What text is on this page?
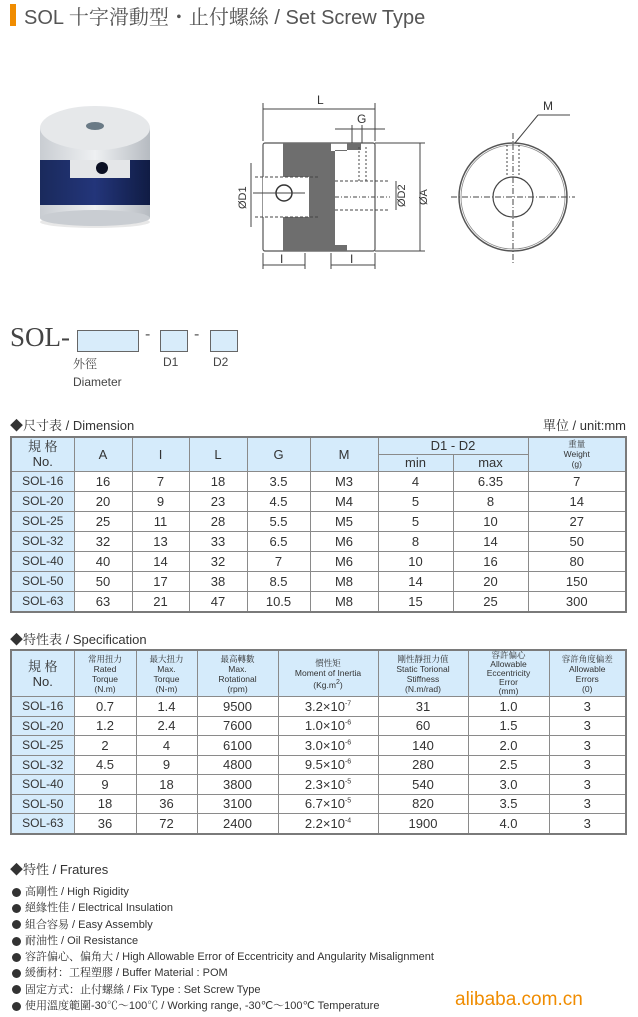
SOL 十字滑動型・止付螺絲 / Set Screw Type
L
G
ØA
ØD2
ØD1
I	I
M
SOL-	-	-
外徑
Diameter
D1	D2
◆尺寸表 / Dimension	單位 / unit:mm
規 格
No.	A	I	L	G	M	D1 - D2		重量
Weight
(g)
						min	max	
SOL-16	16	7	18	3.5	M3	4	6.35	7
SOL-20	20	9	23	4.5	M4	5	8	14
SOL-25	25	11	28	5.5	M5	5	10	27
SOL-32	32	13	33	6.5	M6	8	14	50
SOL-40	40	14	32	7	M6	10	16	80
SOL-50	50	17	38	8.5	M8	14	20	150
SOL-63	63	21	47	10.5	M8	15	25	300
◆特性表 / Specification
規 格
No.	常用扭力
Rated
Torque
(N.m)	最大扭力
Max.
Torque
(N-m)	最高轉數
Max.
Rotational
(rpm)	慣性矩
Moment of Inertia
$(Kg.m^2)$	剛性靜扭力值
Static Torional
Stiffness
(N.m/rad)	容許偏心
Allowable
Eccentricity
Error
(mm)	容許角度偏差
Allowable
Errors
(0)
SOL-16	0.7	1.4	9500	$3.2\times 10^{-7}$	31	1.0	3
SOL-20	1.2	2.4	7600	$1.0\times 10^{-6}$	60	1.5	3
SOL-25	2	4	6100	$3.0\times 10^{-6}$	140	2.0	3
SOL-32	4.5	9	4800	$9.5\times 10^{-6}$	280	2.5	3
SOL-40	9	18	3800	$2.3\times 10^{-5}$	540	3.0	3
SOL-50	18	36	3100	$6.7\times 10^{-5}$	820	3.5	3
SOL-63	36	72	2400	$2.2\times 10^{-4}$	1900	4.0	3
◆特性 / Fratures
高剛性 / High Rigidity
絕緣性佳 / Electrical Insulation
組合容易 / Easy Assembly
耐油性 / Oil Resistance
容許偏心、偏角大 / High Allowable Error of Eccentricity and Angularity Misalignment
緩衝材：工程塑膠 / Buffer Material : POM
固定方式：止付螺絲 / Fix Type : Set Screw Type
使用溫度範圍-30℃～100℃ / Working range, -30℃～100℃ Temperature	alibaba.com.cn
